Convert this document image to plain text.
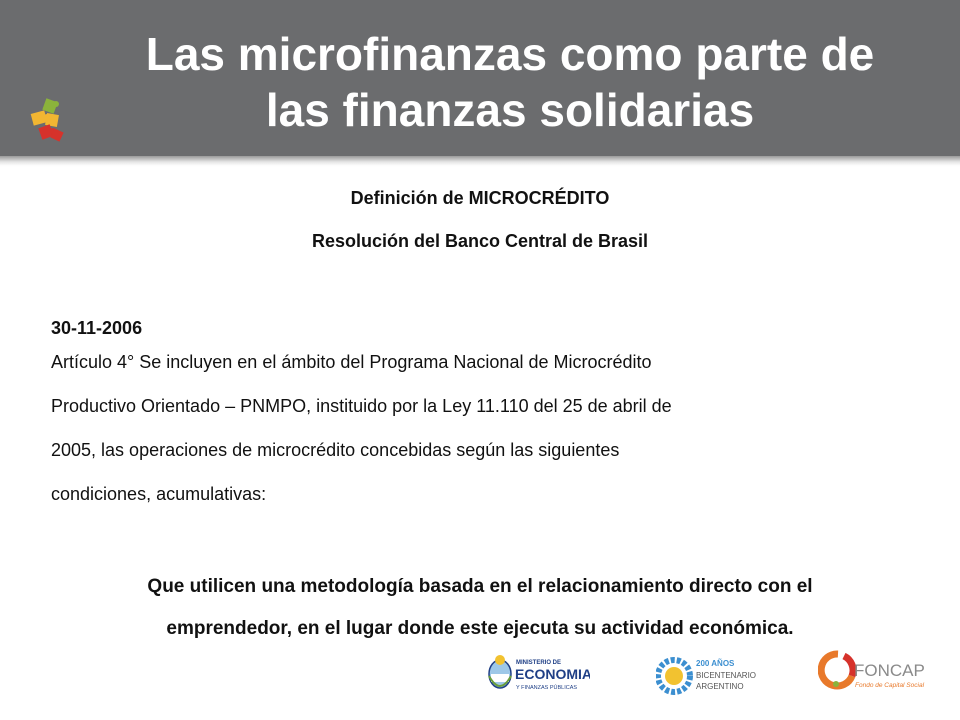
Las microfinanzas como parte de
las finanzas solidarias

Definición de MICROCRÉDITO

Resolución del Banco Central de Brasil

30-11-2006
Artículo 4° Se incluyen en el ámbito del Programa Nacional de Microcrédito
Productivo Orientado – PNMPO, instituido por la Ley 11.110 del 25 de abril de
2005, las operaciones de microcrédito concebidas según las siguientes
condiciones, acumulativas:

Que utilicen una metodología basada en el relacionamiento directo con el
emprendedor, en el lugar donde este ejecuta su actividad económica.

MINISTERIO DE
ECONOMIA
Y FINANZAS PÚBLICAS
200 AÑOS
BICENTENARIO
ARGENTINO
FONCAP
Fondo de Capital Social
